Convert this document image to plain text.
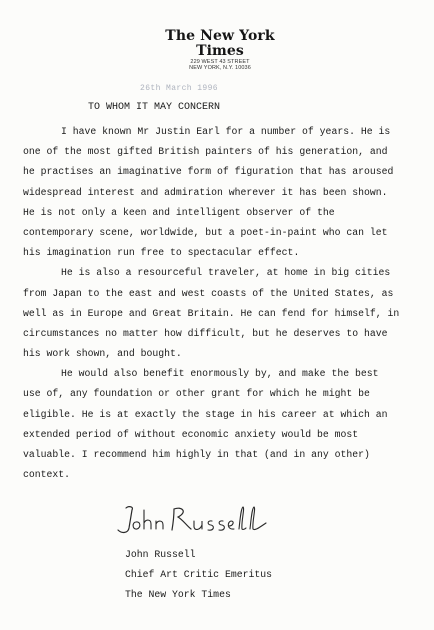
The New York Times
229 WEST 43 STREET
NEW YORK, N.Y. 10036
26th March 1996
TO WHOM IT MAY CONCERN
I have known Mr Justin Earl for a number of years. He is
one of the most gifted British painters of his generation, and
he practises an imaginative form of figuration that has aroused
widespread interest and admiration wherever it has been shown.
He is not only a keen and intelligent observer of the
contemporary scene, worldwide, but a poet-in-paint who can let
his imagination run free to spectacular effect.
He is also a resourceful traveler, at home in big cities
from Japan to the east and west coasts of the United States, as
well as in Europe and Great Britain. He can fend for himself, in
circumstances no matter how difficult, but he deserves to have
his work shown, and bought.
He would also benefit enormously by, and make the best
use of, any foundation or other grant for which he might be
eligible. He is at exactly the stage in his career at which an
extended period of without economic anxiety would be most
valuable. I recommend him highly in that (and in any other)
context.
John Russell
Chief Art Critic Emeritus
The New York Times
